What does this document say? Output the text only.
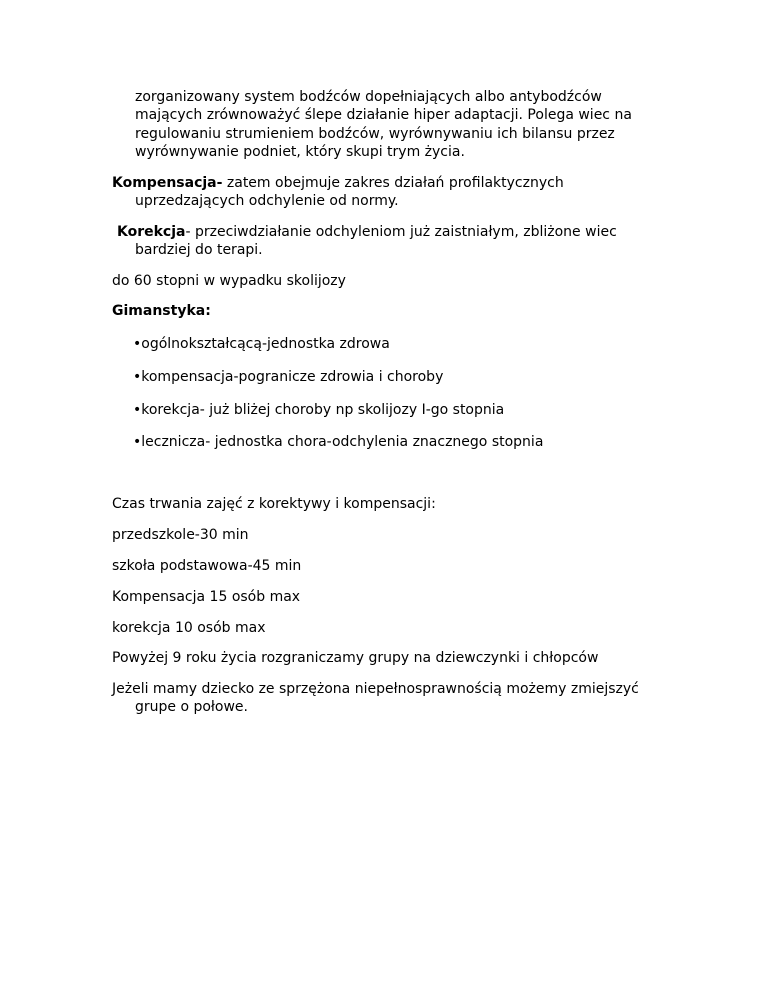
zorganizowany system bodźców dopełniających albo antybodźców
mających zrównoważyć ślepe działanie hiper adaptacji. Polega wiec na
regulowaniu strumieniem bodźców, wyrównywaniu ich bilansu przez
wyrównywanie podniet, który skupi trym życia.
Kompensacja- zatem obejmuje zakres działań profilaktycznych
uprzedzających odchylenie od normy.
Korekcja- przeciwdziałanie odchyleniom już zaistniałym, zbliżone wiec
bardziej do terapi.
do 60 stopni w wypadku skolijozy
Gimanstyka:
•ogólnokształcącą-jednostka zdrowa
•kompensacja-pogranicze zdrowia i choroby
•korekcja- już bliżej choroby np skolijozy I-go stopnia
•lecznicza- jednostka chora-odchylenia znacznego stopnia
Czas trwania zajęć z korektywy i kompensacji:
przedszkole-30 min
szkoła podstawowa-45 min
Kompensacja 15 osób max
korekcja 10 osób max
Powyżej 9 roku życia rozgraniczamy grupy na dziewczynki i chłopców
Jeżeli mamy dziecko ze sprzężona niepełnosprawnością możemy zmiejszyć
grupe o połowe.
